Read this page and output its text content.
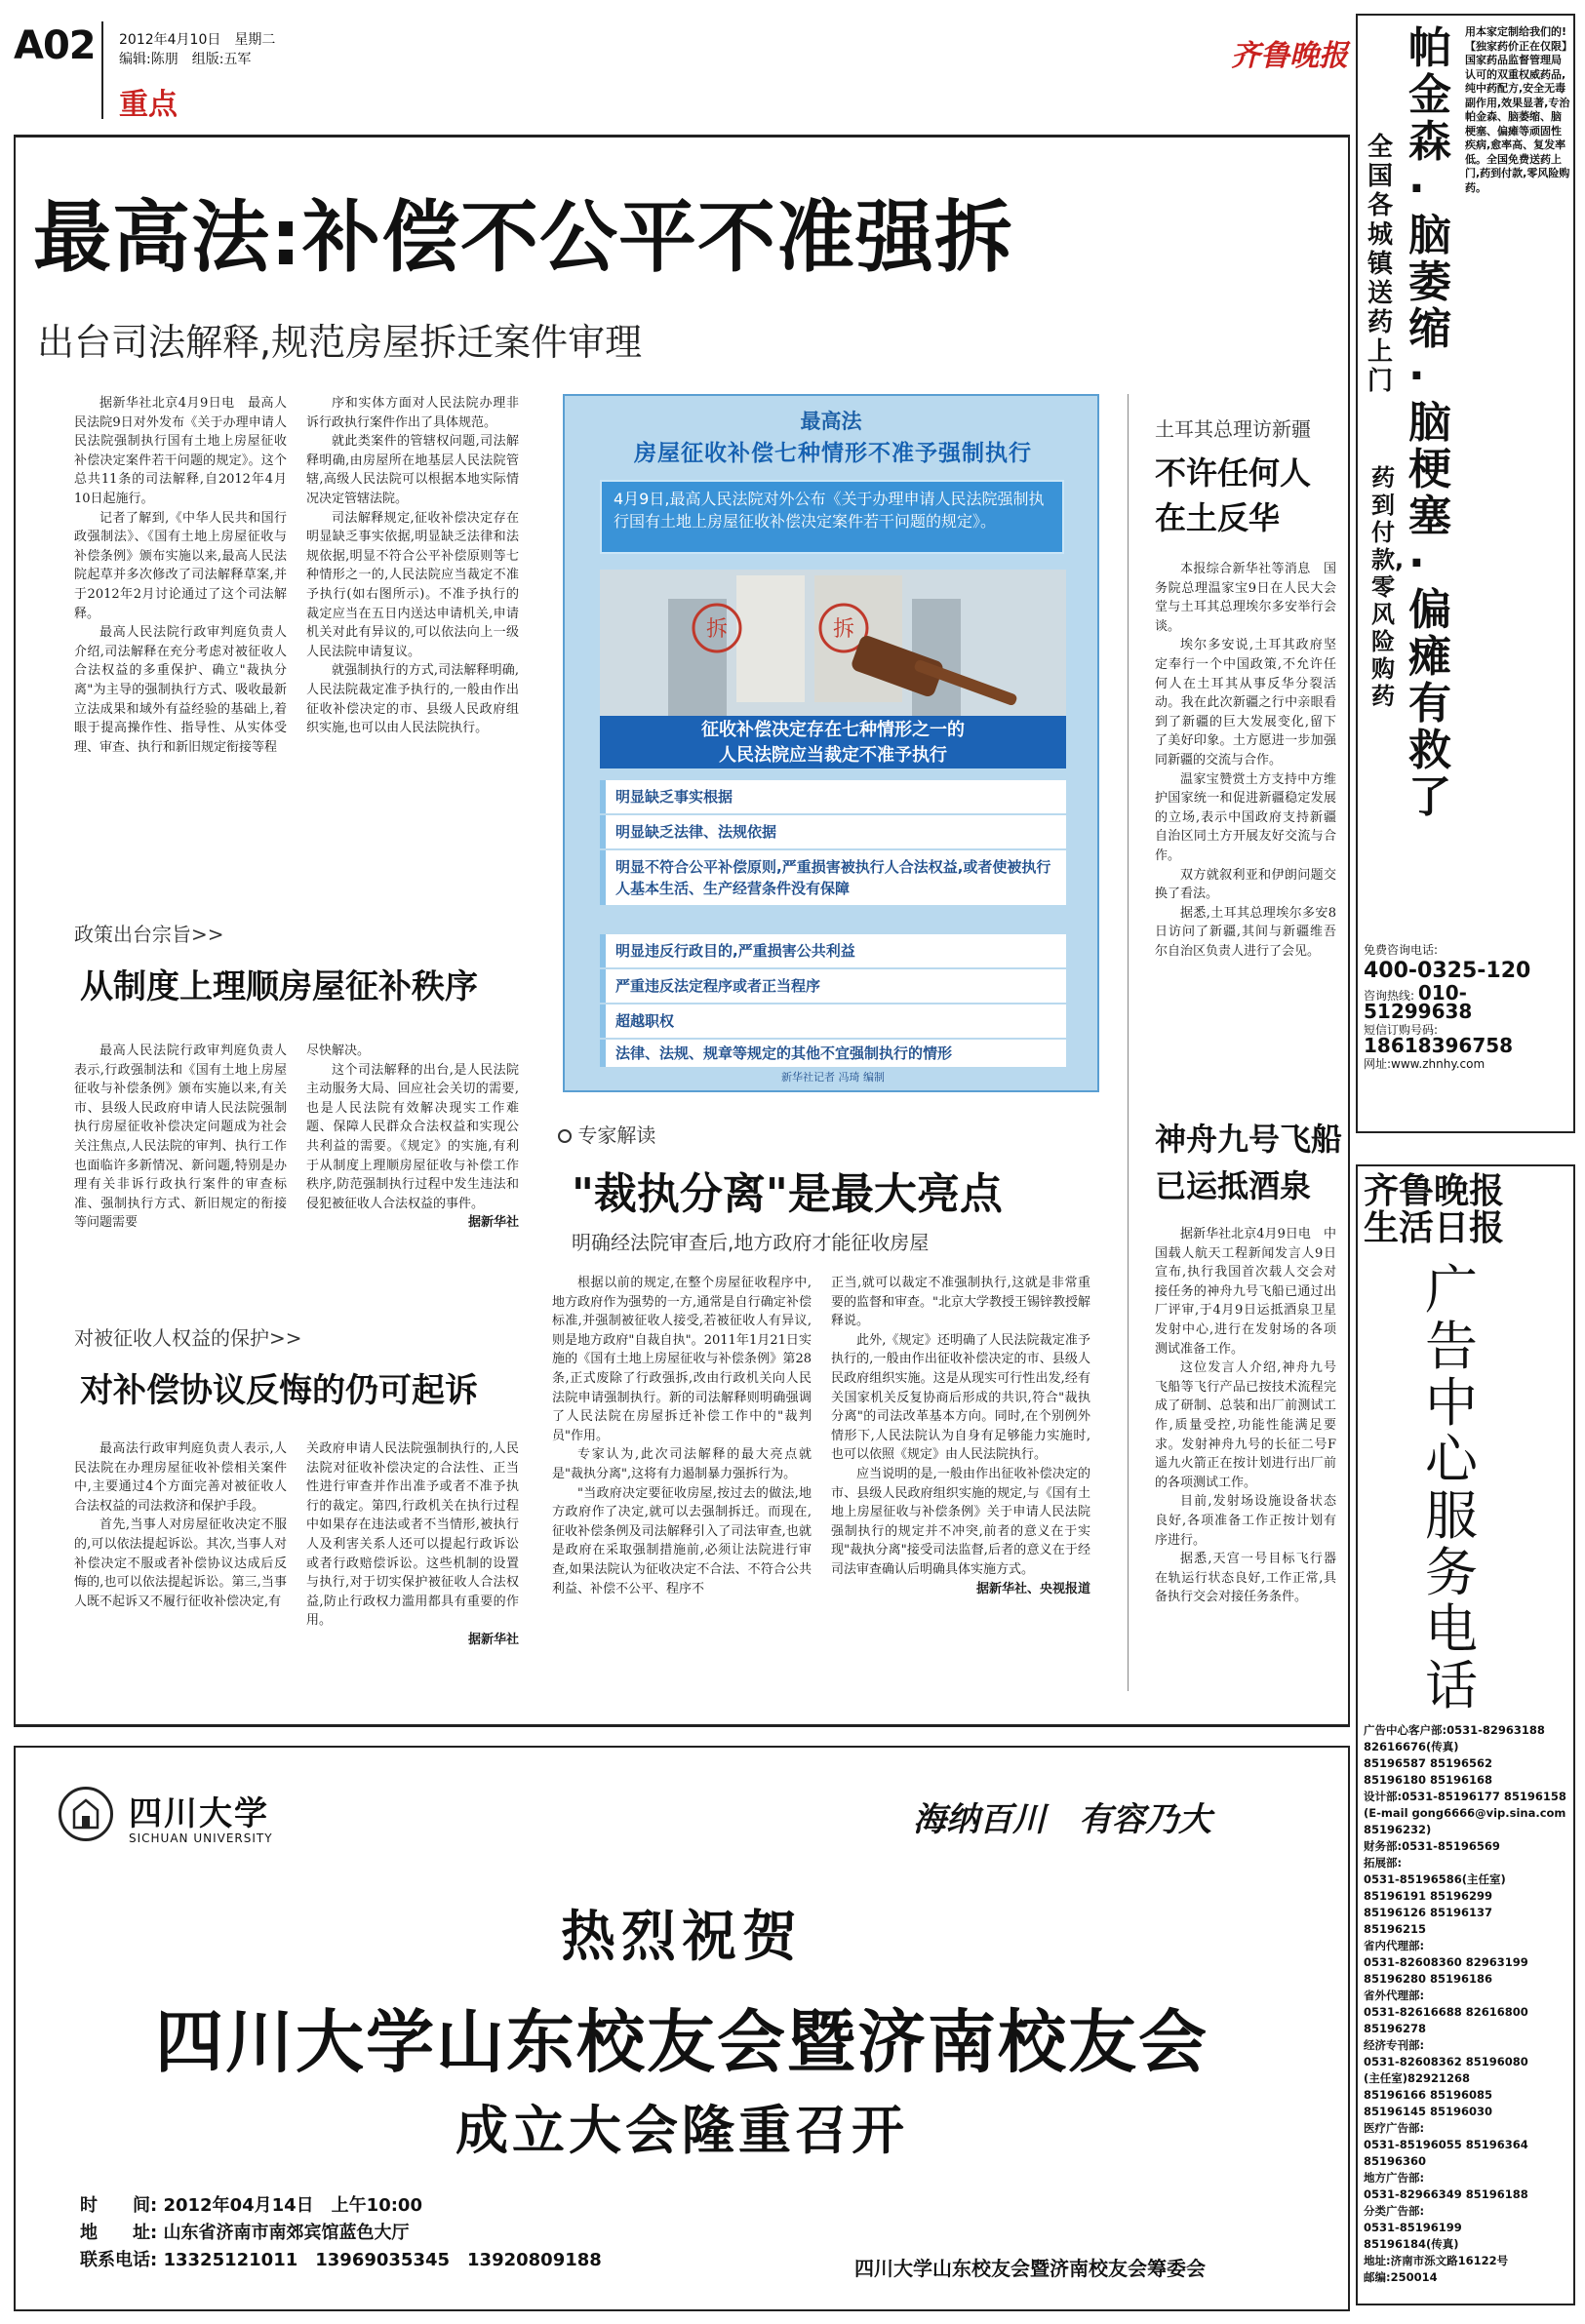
A02 2012年4月10日　星期二
编辑:陈朋　组版:五军
重点
齐鲁晚报
最高法:补偿不公平不准强拆
出台司法解释,规范房屋拆迁案件审理

据新华社北京4月9日电　最高人民法院9日对外发布《关于办理申请人民法院强制执行国有土地上房屋征收补偿决定案件若干问题的规定》。这个总共11条的司法解释,自2012年4月10日起施行。

记者了解到,《中华人民共和国行政强制法》、《国有土地上房屋征收与补偿条例》颁布实施以来,最高人民法院起草并多次修改了司法解释草案,并于2012年2月讨论通过了这个司法解释。

最高人民法院行政审判庭负责人介绍,司法解释在充分考虑对被征收人合法权益的多重保护、确立"裁执分离"为主导的强制执行方式、吸收最新立法成果和域外有益经验的基础上,着眼于提高操作性、指导性、从实体受理、审查、执行和新旧规定衔接等程

序和实体方面对人民法院办理非诉行政执行案件作出了具体规范。

就此类案件的管辖权问题,司法解释明确,由房屋所在地基层人民法院管辖,高级人民法院可以根据本地实际情况决定管辖法院。

司法解释规定,征收补偿决定存在明显缺乏事实依据,明显缺乏法律和法规依据,明显不符合公平补偿原则等七种情形之一的,人民法院应当裁定不准予执行(如右图所示)。不准予执行的裁定应当在五日内送达申请机关,申请机关对此有异议的,可以依法向上一级人民法院申请复议。

就强制执行的方式,司法解释明确,人民法院裁定准予执行的,一般由作出征收补偿决定的市、县级人民政府组织实施,也可以由人民法院执行。

政策出台宗旨>>
从制度上理顺房屋征补秩序

最高人民法院行政审判庭负责人表示,行政强制法和《国有土地上房屋征收与补偿条例》颁布实施以来,有关市、县级人民政府申请人民法院强制执行房屋征收补偿决定问题成为社会关注焦点,人民法院的审判、执行工作也面临许多新情况、新问题,特别是办理有关非诉行政执行案件的审查标准、强制执行方式、新旧规定的衔接等问题需要

尽快解决。

这个司法解释的出台,是人民法院主动服务大局、回应社会关切的需要,也是人民法院有效解决现实工作难题、保障人民群众合法权益和实现公共利益的需要。《规定》的实施,有利于从制度上理顺房屋征收与补偿工作秩序,防范强制执行过程中发生违法和侵犯被征收人合法权益的事件。

据新华社

对被征收人权益的保护>>
对补偿协议反悔的仍可起诉

最高法行政审判庭负责人表示,人民法院在办理房屋征收补偿相关案件中,主要通过4个方面完善对被征收人合法权益的司法救济和保护手段。

首先,当事人对房屋征收决定不服的,可以依法提起诉讼。其次,当事人对补偿决定不服或者补偿协议达成后反悔的,也可以依法提起诉讼。第三,当事人既不起诉又不履行征收补偿决定,有

关政府申请人民法院强制执行的,人民法院对征收补偿决定的合法性、正当性进行审查并作出准予或者不准予执行的裁定。第四,行政机关在执行过程中如果存在违法或者不当情形,被执行人及利害关系人还可以提起行政诉讼或者行政赔偿诉讼。这些机制的设置与执行,对于切实保护被征收人合法权益,防止行政权力滥用都具有重要的作用。

据新华社

最高法
房屋征收补偿七种情形不准予强制执行
4月9日,最高人民法院对外公布《关于办理申请人民法院强制执行国有土地上房屋征收补偿决定案件若干问题的规定》。
拆	拆
征收补偿决定存在七种情形之一的
人民法院应当裁定不准予执行
明显缺乏事实根据
明显缺乏法律、法规依据
明显不符合公平补偿原则,严重损害被执行人合法权益,或者使被执行人基本生活、生产经营条件没有保障
明显违反行政目的,严重损害公共利益
严重违反法定程序或者正当程序
超越职权
法律、法规、规章等规定的其他不宜强制执行的情形
新华社记者 冯琦 编制
专家解读
"裁执分离"是最大亮点
明确经法院审查后,地方政府才能征收房屋

根据以前的规定,在整个房屋征收程序中,地方政府作为强势的一方,通常是自行确定补偿标准,并强制被征收人接受,若被征收人有异议,则是地方政府"自裁自执"。2011年1月21日实施的《国有土地上房屋征收与补偿条例》第28条,正式废除了行政强拆,改由行政机关向人民法院申请强制执行。新的司法解释则明确强调了人民法院在房屋拆迁补偿工作中的"裁判员"作用。

专家认为,此次司法解释的最大亮点就是"裁执分离",这将有力遏制暴力强拆行为。

"当政府决定要征收房屋,按过去的做法,地方政府作了决定,就可以去强制拆迁。而现在,征收补偿条例及司法解释引入了司法审查,也就是政府在采取强制措施前,必须让法院进行审查,如果法院认为征收决定不合法、不符合公共利益、补偿不公平、程序不

正当,就可以裁定不准强制执行,这就是非常重要的监督和审查。"北京大学教授王锡锌教授解释说。

此外,《规定》还明确了人民法院裁定准予执行的,一般由作出征收补偿决定的市、县级人民政府组织实施。这是从现实可行性出发,经有关国家机关反复协商后形成的共识,符合"裁执分离"的司法改革基本方向。同时,在个别例外情形下,人民法院认为自身有足够能力实施时,也可以依照《规定》由人民法院执行。

应当说明的是,一般由作出征收补偿决定的市、县级人民政府组织实施的规定,与《国有土地上房屋征收与补偿条例》关于申请人民法院强制执行的规定并不冲突,前者的意义在于实现"裁执分离"接受司法监督,后者的意义在于经司法审查确认后明确具体实施方式。

据新华社、央视报道

土耳其总理访新疆
不许任何人
在土反华

本报综合新华社等消息　国务院总理温家宝9日在人民大会堂与土耳其总理埃尔多安举行会谈。

埃尔多安说,土耳其政府坚定奉行一个中国政策,不允许任何人在土耳其从事反华分裂活动。我在此次新疆之行中亲眼看到了新疆的巨大发展变化,留下了美好印象。土方愿进一步加强同新疆的交流与合作。

温家宝赞赏土方支持中方维护国家统一和促进新疆稳定发展的立场,表示中国政府支持新疆自治区同土方开展友好交流与合作。

双方就叙利亚和伊朗问题交换了看法。

据悉,土耳其总理埃尔多安8日访问了新疆,其间与新疆维吾尔自治区负责人进行了会见。

神舟九号飞船
已运抵酒泉

据新华社北京4月9日电　中国载人航天工程新闻发言人9日宣布,执行我国首次载人交会对接任务的神舟九号飞船已通过出厂评审,于4月9日运抵酒泉卫星发射中心,进行在发射场的各项测试准备工作。

这位发言人介绍,神舟九号飞船等飞行产品已按技术流程完成了研制、总装和出厂前测试工作,质量受控,功能性能满足要求。发射神舟九号的长征二号F遥九火箭正在按计划进行出厂前的各项测试工作。

目前,发射场设施设备状态良好,各项准备工作正按计划有序进行。

据悉,天宫一号目标飞行器在轨运行状态良好,工作正常,具备执行交会对接任务条件。

四川大学
SICHUAN UNIVERSITY	海纳百川　有容乃大
热烈祝贺
四川大学山东校友会暨济南校友会
成立大会隆重召开
时　　间: 2012年04月14日　上午10:00
地　　址: 山东省济南市南郊宾馆蓝色大厅
联系电话: 13325121011　13969035345　13920809188	四川大学山东校友会暨济南校友会筹委会
帕金森·脑萎缩·脑梗塞·偏瘫有救了
全国各城镇送药上门
药到付款,零风险购药
用本家定制给我们的!【独家药价正在仅限】国家药品监督管理局认可的双重权威药品,纯中药配方,安全无毒副作用,效果显著,专治帕金森、脑萎缩、脑梗塞、偏瘫等顽固性疾病,愈率高、复发率低。全国免费送药上门,药到付款,零风险购药。
免费咨询电话:
400-0325-120
咨询热线: 010-51299638
短信订购号码: 18618396758
网址:www.zhnhy.com
齐鲁晚报
生活日报
广告中心服务电话
广告中心客户部:0531-82963188 82616676(传真)
85196587 85196562
85196180 85196168
设计部:0531-85196177 85196158
(E-mail gong6666@vip.sina.com 85196232)
财务部:0531-85196569
拓展部:
0531-85196586(主任室)
85196191 85196299
85196126 85196137
85196215
省内代理部:
0531-82608360 82963199
85196280 85196186
省外代理部:
0531-82616688 82616800
85196278
经济专刊部:
0531-82608362 85196080
(主任室)82921268
85196166 85196085
85196145 85196030
医疗广告部:
0531-85196055 85196364
85196360
地方广告部:
0531-82966349 85196188
分类广告部:
0531-85196199
85196184(传真)
地址:济南市泺文路16122号
邮编:250014
